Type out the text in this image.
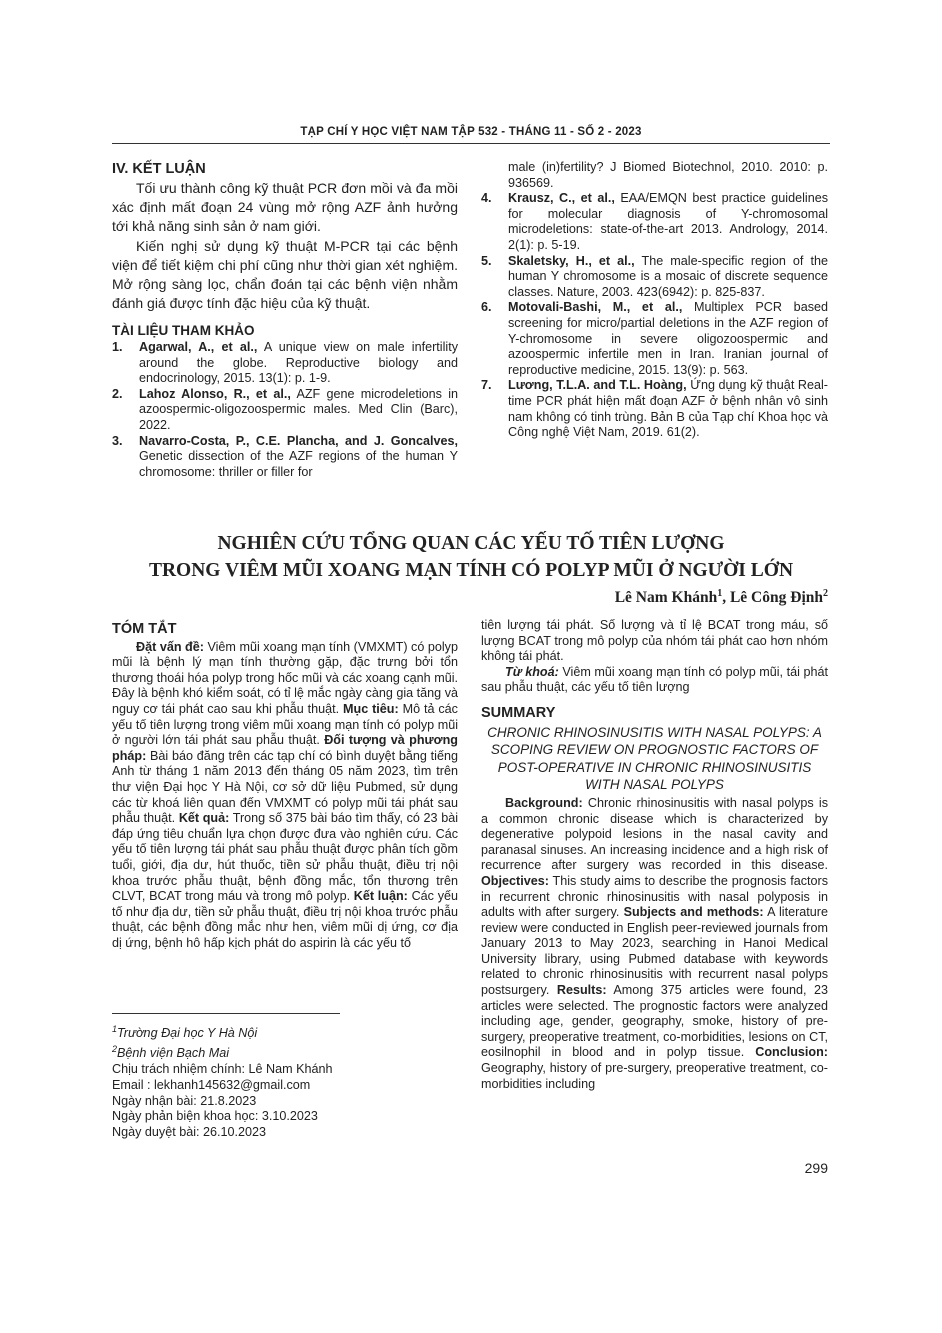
TẠP CHÍ Y HỌC VIỆT NAM TẬP 532 - THÁNG 11 - SỐ 2 - 2023

IV. KẾT LUẬN

Tối ưu thành công kỹ thuật PCR đơn mồi và đa mồi xác định mất đoạn 24 vùng mở rộng AZF ảnh hưởng tới khả năng sinh sản ở nam giới.

Kiến nghị sử dụng kỹ thuật M-PCR tại các bệnh viện để tiết kiệm chi phí cũng như thời gian xét nghiệm. Mở rộng sàng lọc, chẩn đoán tại các bệnh viện nhằm đánh giá được tính đặc hiệu của kỹ thuật.

TÀI LIỆU THAM KHẢO

1.	Agarwal, A., et al., A unique view on male infertility around the globe. Reproductive biology and endocrinology, 2015. 13(1): p. 1-9.
2.	Lahoz Alonso, R., et al., AZF gene microdeletions in azoospermic-oligozoospermic males. Med Clin (Barc), 2022.
3.	Navarro-Costa, P., C.E. Plancha, and J. Goncalves, Genetic dissection of the AZF regions of the human Y chromosome: thriller or filler for
male (in)fertility? J Biomed Biotechnol, 2010. 2010: p. 936569.
4.	Krausz, C., et al., EAA/EMQN best practice guidelines for molecular diagnosis of Y-chromosomal microdeletions: state-of-the-art 2013. Andrology, 2014. 2(1): p. 5-19.
5.	Skaletsky, H., et al., The male-specific region of the human Y chromosome is a mosaic of discrete sequence classes. Nature, 2003. 423(6942): p. 825-837.
6.	Motovali-Bashi, M., et al., Multiplex PCR based screening for micro/partial deletions in the AZF region of Y-chromosome in severe oligozoospermic and azoospermic infertile men in Iran. Iranian journal of reproductive medicine, 2015. 13(9): p. 563.
7.	Lương, T.L.A. and T.L. Hoàng, Ứng dụng kỹ thuật Real-time PCR phát hiện mất đoạn AZF ở bệnh nhân vô sinh nam không có tinh trùng. Bản B của Tạp chí Khoa học và Công nghệ Việt Nam, 2019. 61(2).
NGHIÊN CỨU TỔNG QUAN CÁC YẾU TỐ TIÊN LƯỢNG
TRONG VIÊM MŨI XOANG MẠN TÍNH CÓ POLYP MŨI Ở NGƯỜI LỚN
Lê Nam Khánh$^1$, Lê Công Định$^2$

TÓM TẮT

Đặt vấn đề: Viêm mũi xoang mạn tính (VMXMT) có polyp mũi là bệnh lý mạn tính thường gặp, đặc trưng bởi tổn thương thoái hóa polyp trong hốc mũi và các xoang cạnh mũi. Đây là bệnh khó kiểm soát, có tỉ lệ mắc ngày càng gia tăng và nguy cơ tái phát cao sau khi phẫu thuật. Mục tiêu: Mô tả các yếu tố tiên lượng trong viêm mũi xoang mạn tính có polyp mũi ở người lớn tái phát sau phẫu thuật. Đối tượng và phương pháp: Bài báo đăng trên các tạp chí có bình duyệt bằng tiếng Anh từ tháng 1 năm 2013 đến tháng 05 năm 2023, tìm trên thư viện Đại học Y Hà Nội, cơ sở dữ liệu Pubmed, sử dụng các từ khoá liên quan đến VMXMT có polyp mũi tái phát sau phẫu thuật. Kết quả: Trong số 375 bài báo tìm thấy, có 23 bài đáp ứng tiêu chuẩn lựa chọn được đưa vào nghiên cứu. Các yếu tố tiên lượng tái phát sau phẫu thuật được phân tích gồm tuổi, giới, địa dư, hút thuốc, tiền sử phẫu thuật, điều trị nội khoa trước phẫu thuật, bệnh đồng mắc, tổn thương trên CLVT, BCAT trong máu và trong mô polyp. Kết luận: Các yếu tố như địa dư, tiền sử phẫu thuật, điều trị nội khoa trước phẫu thuật, các bệnh đồng mắc như hen, viêm mũi dị ứng, cơ địa dị ứng, bệnh hô hấp kịch phát do aspirin là các yếu tố

tiên lượng tái phát. Số lượng và tỉ lệ BCAT trong máu, số lượng BCAT trong mô polyp của nhóm tái phát cao hơn nhóm không tái phát.

Từ khoá: Viêm mũi xoang mạn tính có polyp mũi, tái phát sau phẫu thuật, các yếu tố tiên lượng

SUMMARY

CHRONIC RHINOSINUSITIS WITH NASAL POLYPS: A SCOPING REVIEW ON PROGNOSTIC FACTORS OF POST-OPERATIVE IN CHRONIC RHINOSINUSITIS WITH NASAL POLYPS

Background: Chronic rhinosinusitis with nasal polyps is a common chronic disease which is characterized by degenerative polypoid lesions in the nasal cavity and paranasal sinuses. An increasing incidence and a high risk of recurrence after surgery was recorded in this disease. Objectives: This study aims to describe the prognosis factors in recurrent chronic rhinosinusitis with nasal polyposis in adults with after surgery. Subjects and methods: A literature review were conducted in English peer-reviewed journals from January 2013 to May 2023, searching in Hanoi Medical University library, using Pubmed database with keywords related to chronic rhinosinusitis with recurrent nasal polyps postsurgery. Results: Among 375 articles were found, 23 articles were selected. The prognostic factors were analyzed including age, gender, geography, smoke, history of pre-surgery, preoperative treatment, co-morbidities, lesions on CT, eosilnophil in blood and in polyp tissue. Conclusion: Geography, history of pre-surgery, preoperative treatment, co-morbidities including

$^1$Trường Đại học Y Hà Nội
$^2$Bệnh viện Bạch Mai
Chịu trách nhiệm chính: Lê Nam Khánh
Email : lekhanh145632@gmail.com
Ngày nhận bài: 21.8.2023
Ngày phản biện khoa học: 3.10.2023
Ngày duyệt bài: 26.10.2023
299
